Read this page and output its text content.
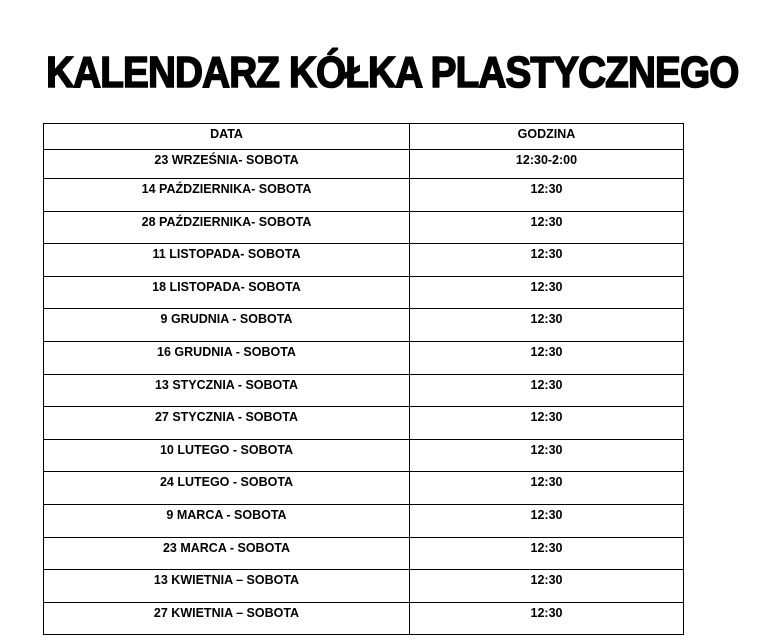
KALENDARZ KÓŁKA PLASTYCZNEGO
DATA	GODZINA
23 WRZEŚNIA- SOBOTA	12:30-2:00
14 PAŹDZIERNIKA- SOBOTA	12:30
28 PAŹDZIERNIKA- SOBOTA	12:30
11 LISTOPADA- SOBOTA	12:30
18 LISTOPADA- SOBOTA	12:30
9 GRUDNIA - SOBOTA	12:30
16 GRUDNIA - SOBOTA	12:30
13 STYCZNIA - SOBOTA	12:30
27 STYCZNIA - SOBOTA	12:30
10 LUTEGO - SOBOTA	12:30
24 LUTEGO - SOBOTA	12:30
9 MARCA - SOBOTA	12:30
23 MARCA - SOBOTA	12:30
13 KWIETNIA – SOBOTA	12:30
27 KWIETNIA – SOBOTA	12:30
